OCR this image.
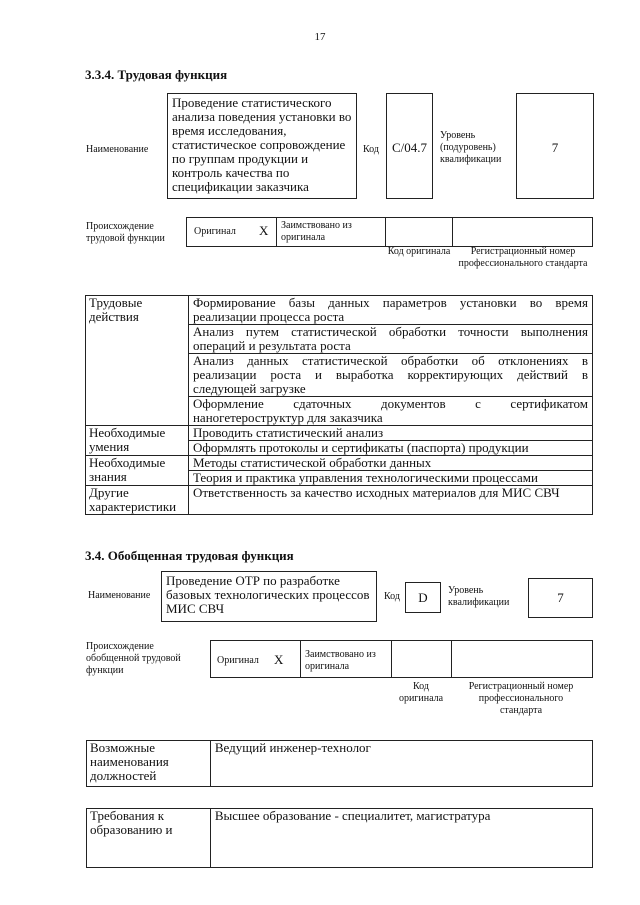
17
3.3.4. Трудовая функция
Наименование
Проведение статистического анализа поведения установки во время исследования, статистическое сопровождение по группам продукции и контроль качества по спецификации заказчика
Код C/04.7
Уровень (подуровень) квалификации
7
Происхождение трудовой функции
Оригинал X Заимствовано из оригинала
Код оригинала	Регистрационный номер профессионального стандарта
Трудовые действия	Формирование базы данных параметров установки во время реализации процесса роста
	Анализ путем статистической обработки точности выполнения операций и результата роста
	Анализ данных статистической обработки об отклонениях в реализации роста и выработка корректирующих действий в следующей загрузке
	Оформление сдаточных документов с сертификатом наногетероструктур для заказчика
Необходимые умения	Проводить статистический анализ
	Оформлять протоколы и сертификаты (паспорта) продукции
Необходимые знания	Методы статистической обработки данных
	Теория и практика управления технологическими процессами
Другие характеристики	Ответственность за качество исходных материалов для МИС СВЧ
3.4. Обобщенная трудовая функция
Наименование
Проведение ОТР по разработке базовых технологических процессов МИС СВЧ
Код	D	Уровень квалификации	7
Происхождение обобщенной трудовой функции
Оригинал X Заимствовано из оригинала
Код оригинала
Регистрационный номер профессионального стандарта
Возможные наименования должностей	Ведущий инженер-технолог
Требования к образованию и	Высшее образование - специалитет, магистратура
